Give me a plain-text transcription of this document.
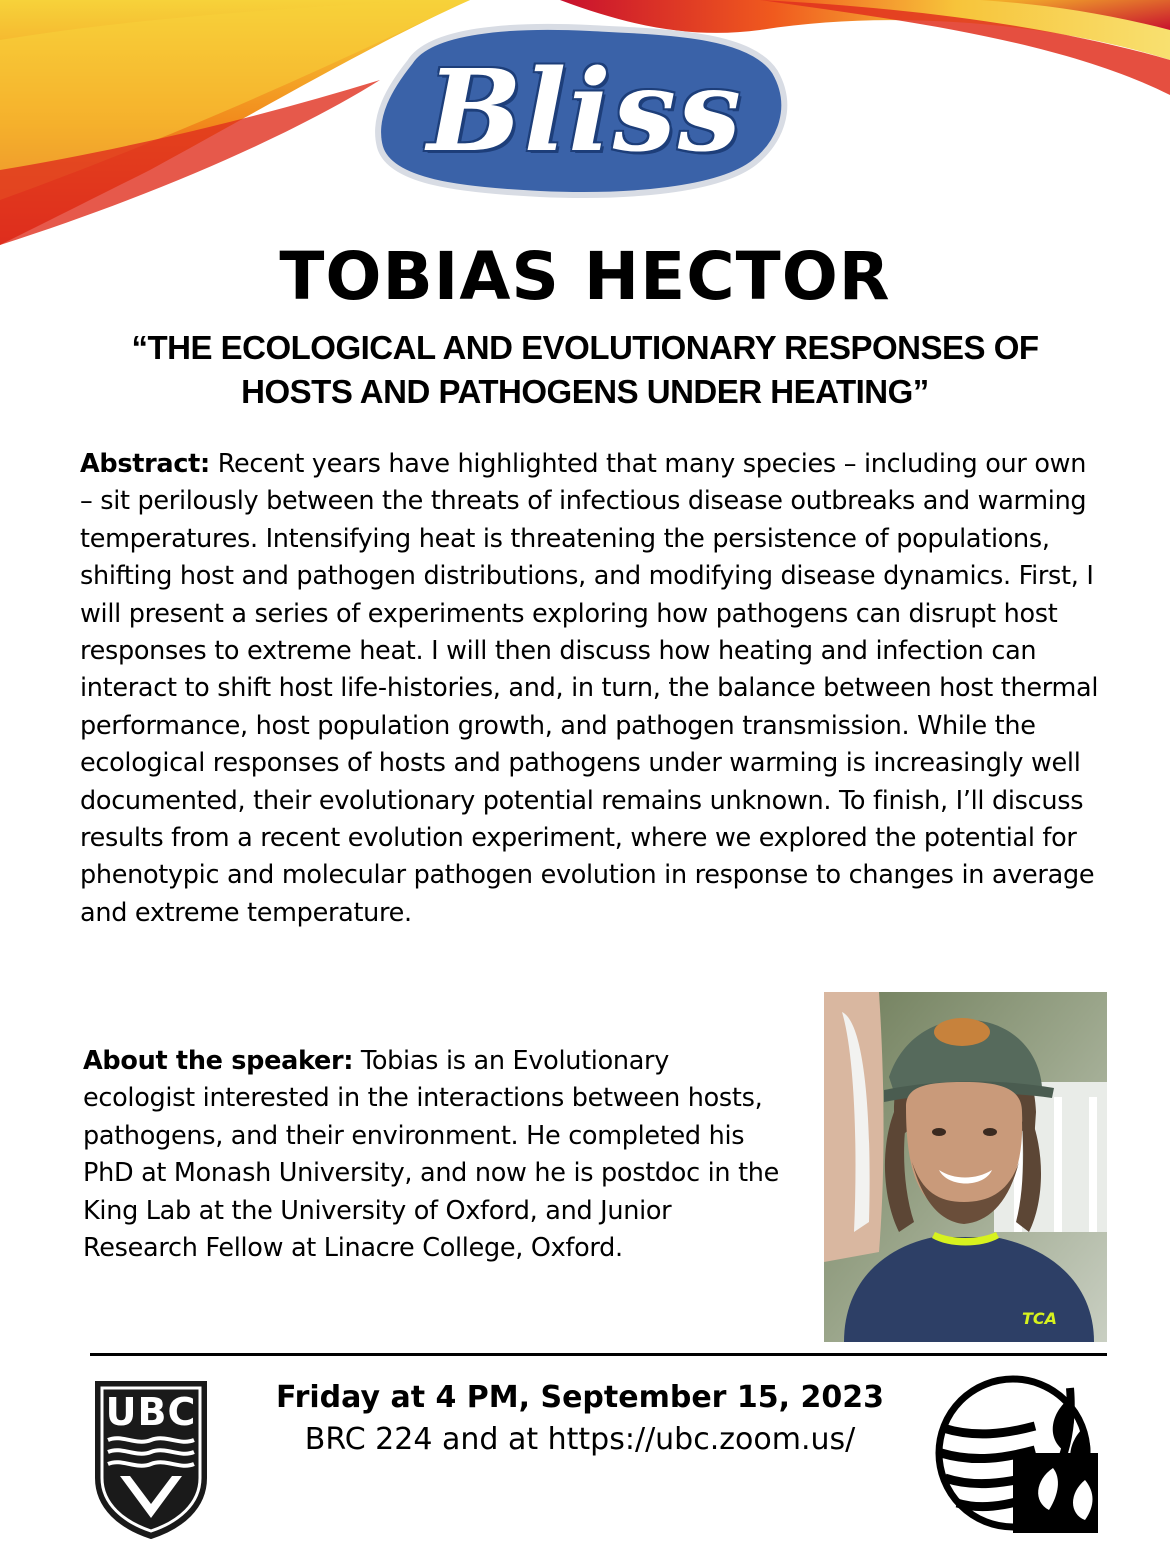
Bliss
TOBIAS HECTOR
“THE ECOLOGICAL AND EVOLUTIONARY RESPONSES OF
HOSTS AND PATHOGENS UNDER HEATING”
Abstract: Recent years have highlighted that many species – including our own – sit perilously between the threats of infectious disease outbreaks and warming temperatures. Intensifying heat is threatening the persistence of populations, shifting host and pathogen distributions, and modifying disease dynamics. First, I will present a series of experiments exploring how pathogens can disrupt host responses to extreme heat. I will then discuss how heating and infection can interact to shift host life-histories, and, in turn, the balance between host thermal performance, host population growth, and pathogen transmission. While the ecological responses of hosts and pathogens under warming is increasingly well documented, their evolutionary potential remains unknown. To finish, I’ll discuss results from a recent evolution experiment, where we explored the potential for phenotypic and molecular pathogen evolution in response to changes in average and extreme temperature.
About the speaker: Tobias is an Evolutionary ecologist interested in the interactions between hosts, pathogens, and their environment. He completed his PhD at Monash University, and now he is postdoc in the King Lab at the University of Oxford, and Junior Research Fellow at Linacre College, Oxford.
TCA
UBC	Friday at 4 PM, September 15, 2023
BRC 224 and at https://ubc.zoom.us/
